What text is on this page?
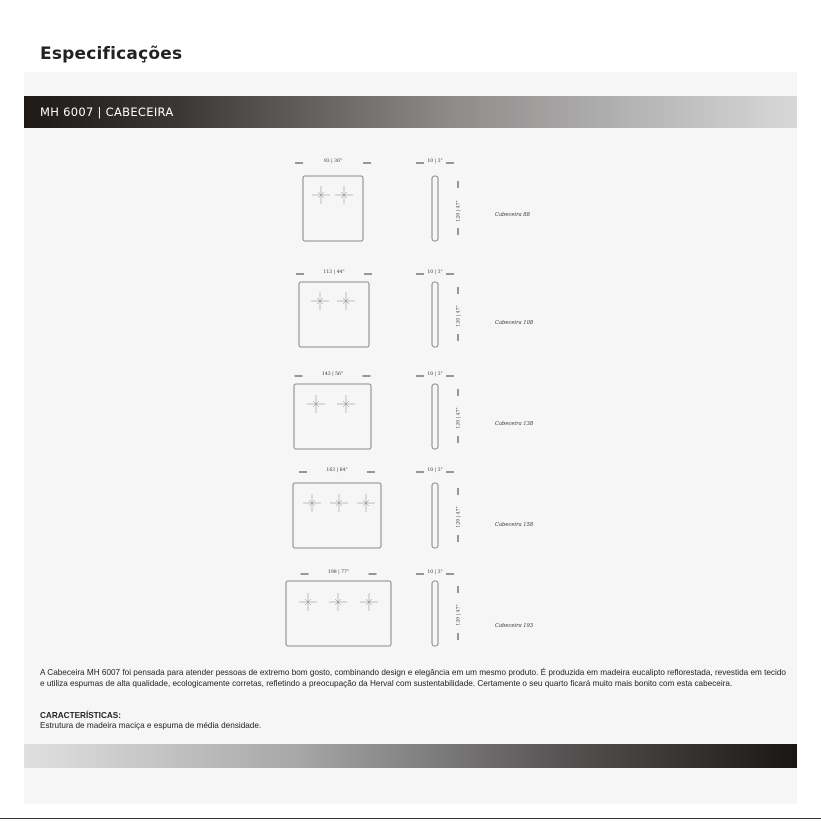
Especificações
MH 6007 | CABECEIRA
93 | 36"	10 | 3"
120 | 47"	Cabeceira 88
113 | 44"	10 | 3"
120 | 47"	Cabeceira 108
143 | 56"	10 | 3"
120 | 47"	Cabeceira 138
163 | 64"	10 | 3"
120 | 47"	Cabeceira 158
198 | 77"	10 | 3"
120 | 47"
Cabeceira 193
A Cabeceira MH 6007 foi pensada para atender pessoas de extremo bom gosto, combinando design e elegância em um mesmo produto. É produzida em madeira eucalipto reflorestada, revestida em tecido e utiliza espumas de alta qualidade, ecologicamente corretas, refletindo a preocupação da Herval com sustentabilidade. Certamente o seu quarto ficará muito mais bonito com esta cabeceira.
CARACTERÍSTICAS:
Estrutura de madeira maciça e espuma de média densidade.
